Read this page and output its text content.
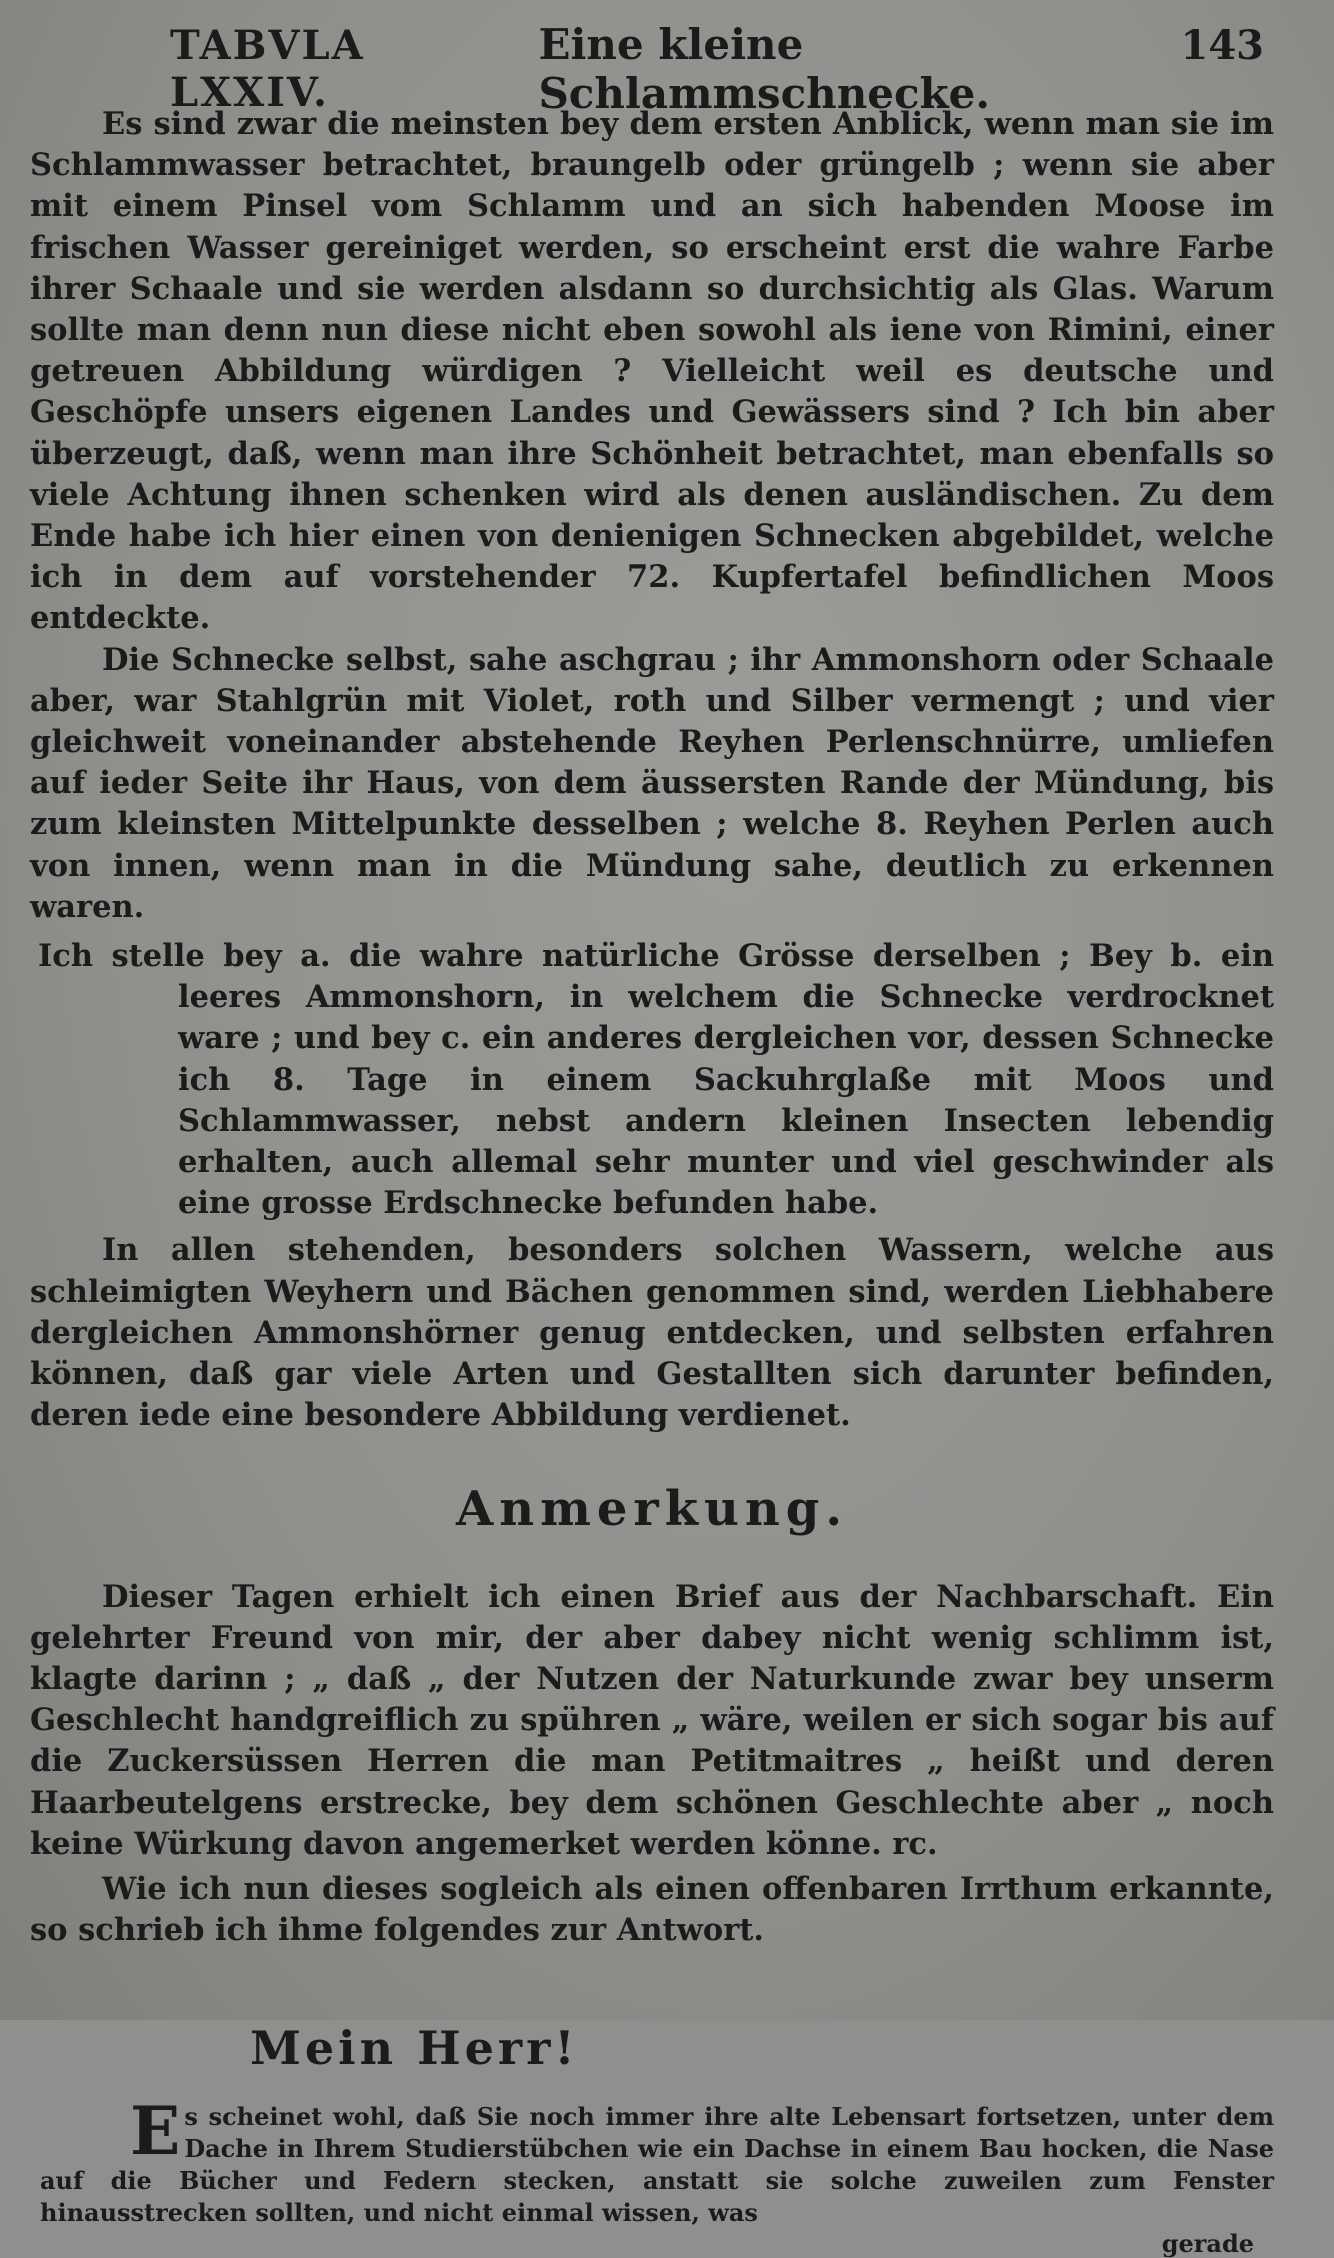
TABVLA LXXIV.
Eine kleine Schlammschnecke.
143

Es sind zwar die meinsten bey dem ersten Anblick, wenn man sie im Schlammwasser betrachtet, braungelb oder grüngelb ; wenn sie aber mit einem Pinsel vom Schlamm und an sich habenden Moose im frischen Wasser gereiniget werden, so erscheint erst die wahre Farbe ihrer Schaale und sie werden alsdann so durchsichtig als Glas. Warum sollte man denn nun diese nicht eben sowohl als iene von Rimini, einer getreuen Abbildung würdigen ? Vielleicht weil es deutsche und Geschöpfe unsers eigenen Landes und Gewässers sind ? Ich bin aber überzeugt, daß, wenn man ihre Schönheit betrachtet, man ebenfalls so viele Achtung ihnen schenken wird als denen ausländischen. Zu dem Ende habe ich hier einen von denienigen Schnecken abgebildet, welche ich in dem auf vorstehender 72. Kupfertafel befindlichen Moos entdeckte.

Die Schnecke selbst, sahe aschgrau ; ihr Ammonshorn oder Schaale aber, war Stahlgrün mit Violet, roth und Silber vermengt ; und vier gleichweit voneinander abstehende Reyhen Perlenschnürre, umliefen auf ieder Seite ihr Haus, von dem äussersten Rande der Mündung, bis zum kleinsten Mittelpunkte desselben ; welche 8. Reyhen Perlen auch von innen, wenn man in die Mündung sahe, deutlich zu erkennen waren.

Ich stelle bey a. die wahre natürliche Grösse derselben ; Bey b. ein leeres Ammonshorn, in welchem die Schnecke verdrocknet ware ; und bey c. ein anderes dergleichen vor, dessen Schnecke ich 8. Tage in einem Sackuhrglaße mit Moos und Schlammwasser, nebst andern kleinen Insecten lebendig erhalten, auch allemal sehr munter und viel geschwinder als eine grosse Erdschnecke befunden habe.

In allen stehenden, besonders solchen Wassern, welche aus schleimigten Weyhern und Bächen genommen sind, werden Liebhabere dergleichen Ammonshörner genug entdecken, und selbsten erfahren können, daß gar viele Arten und Gestallten sich darunter befinden, deren iede eine besondere Abbildung verdienet.

Anmerkung.

Dieser Tagen erhielt ich einen Brief aus der Nachbarschaft. Ein gelehrter Freund von mir, der aber dabey nicht wenig schlimm ist, klagte darinn ; „ daß „ der Nutzen der Naturkunde zwar bey unserm Geschlecht handgreiflich zu spühren „ wäre, weilen er sich sogar bis auf die Zuckersüssen Herren die man Petitmaitres „ heißt und deren Haarbeutelgens erstrecke, bey dem schönen Geschlechte aber „ noch keine Würkung davon angemerket werden könne. rc.

Wie ich nun dieses sogleich als einen offenbaren Irrthum erkannte, so schrieb ich ihme folgendes zur Antwort.

Mein Herr!
E s scheinet wohl, daß Sie noch immer ihre alte Lebensart fortsetzen, unter dem Dache in Ihrem Studierstübchen wie ein Dachse in einem Bau hocken, die Nase auf die Bücher und Federn stecken, anstatt sie solche zuweilen zum Fenster hinausstrecken sollten, und nicht einmal wissen, was
gerade
